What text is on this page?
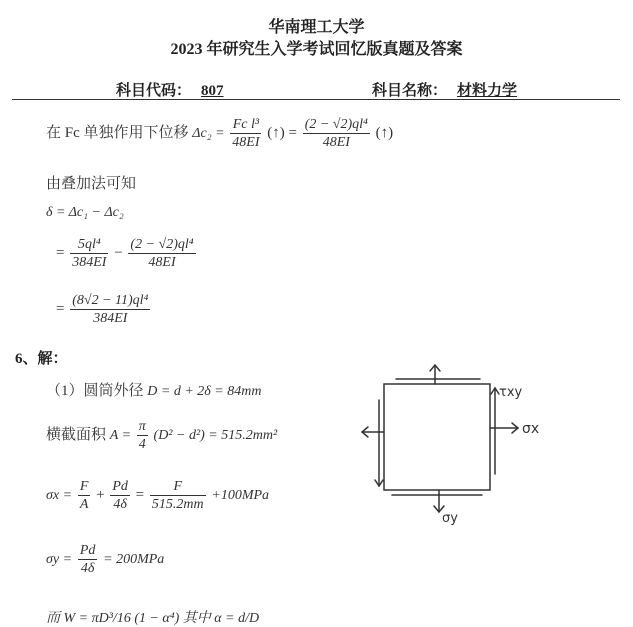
华南理工大学
2023 年研究生入学考试回忆版真题及答案
科目代码： 807	科目名称： 材料力学
在 Fc 单独作用下位移 $\Delta c_2 = \frac{\text{Fc l³}}{48EI}$ (↑) = $\frac{\text{(2 − √2)ql⁴}}{48EI}$ (↑)
由叠加法可知
δ = Δc₁ − Δc₂
= $\frac{\text{5ql⁴}}{384EI} - \frac{\text{(2 − √2)ql⁴}}{48EI}$
= $\frac{\text{(8√2 − 11)ql⁴}}{384EI}$
6、解：
（1）圆筒外径 D = d + 2δ = 84mm
横截面积 $A = \frac{\pi}{4} (D^2 - d^2) = 515.2mm^2$
$\sigma x = \frac{F}{A} + \frac{Pd}{4\delta} = \frac{F}{515.2mm} +100MPa$
$\sigma y = \frac{Pd}{4\delta} = 200MPa$
而 W = πD³/16 (1 − α⁴) 其中 α = d/D
τxy
σx
σy
